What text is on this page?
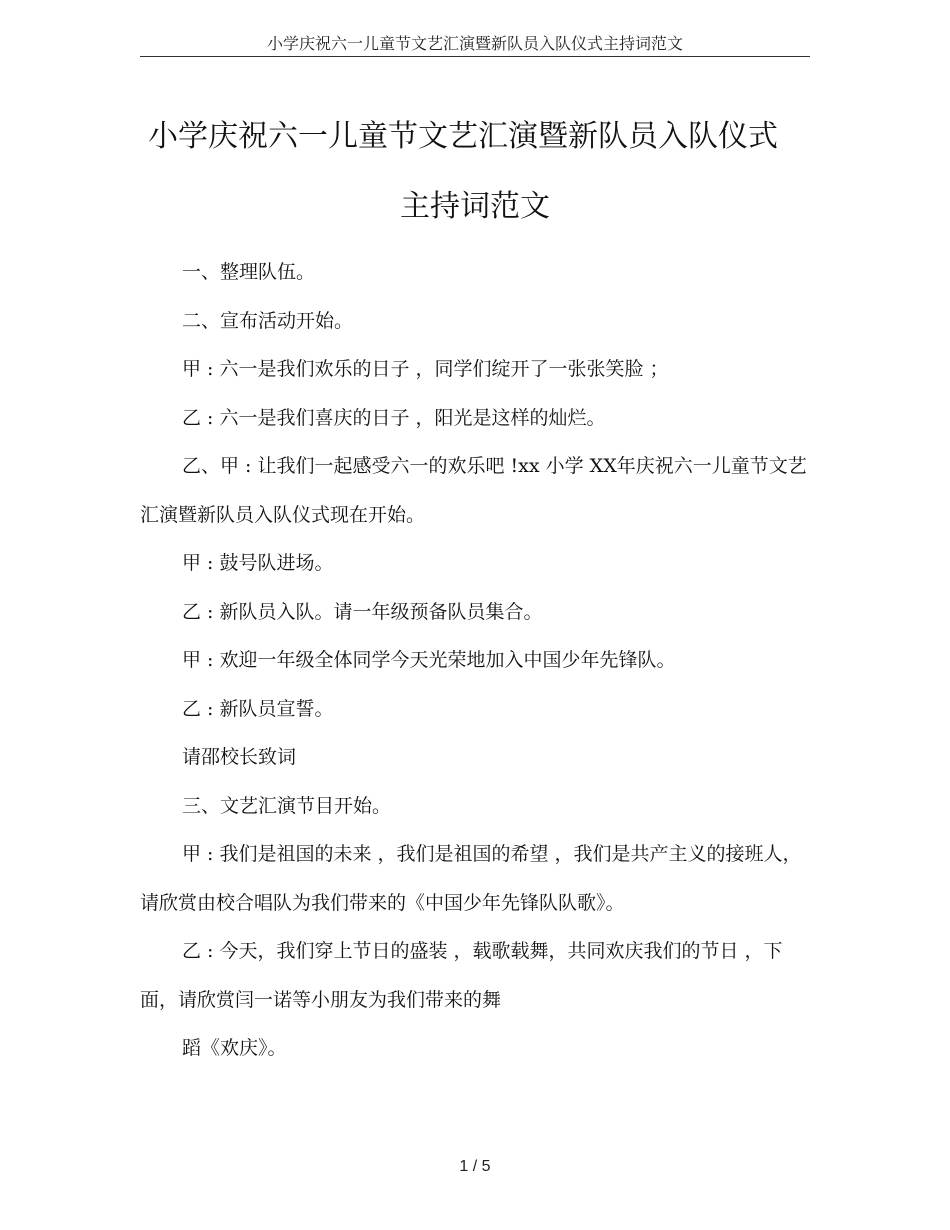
小学庆祝六一儿童节文艺汇演暨新队员入队仪式主持词范文
小学庆祝六一儿童节文艺汇演暨新队员入队仪式
主持词范文

一、整理队伍。

二、宣布活动开始。

甲 : 六一是我们欢乐的日子 ，同学们绽开了一张张笑脸 ；

乙 : 六一是我们喜庆的日子 ，阳光是这样的灿烂。

乙、甲 : 让我们一起感受六一的欢乐吧 !xx 小学 XX年庆祝六一儿童节文艺汇演暨新队员入队仪式现在开始。

甲 : 鼓号队进场。

乙 : 新队员入队。请一年级预备队员集合。

甲 : 欢迎一年级全体同学今天光荣地加入中国少年先锋队。

乙 : 新队员宣誓。

请邵校长致词

三、文艺汇演节目开始。

甲 : 我们是祖国的未来 ，我们是祖国的希望 ，我们是共产主义的接班人，请欣赏由校合唱队为我们带来的《中国少年先锋队队歌》。

乙 : 今天，我们穿上节日的盛装 ，载歌载舞，共同欢庆我们的节日 ，下面，请欣赏闫一诺等小朋友为我们带来的舞

蹈《欢庆》。

1 / 5
